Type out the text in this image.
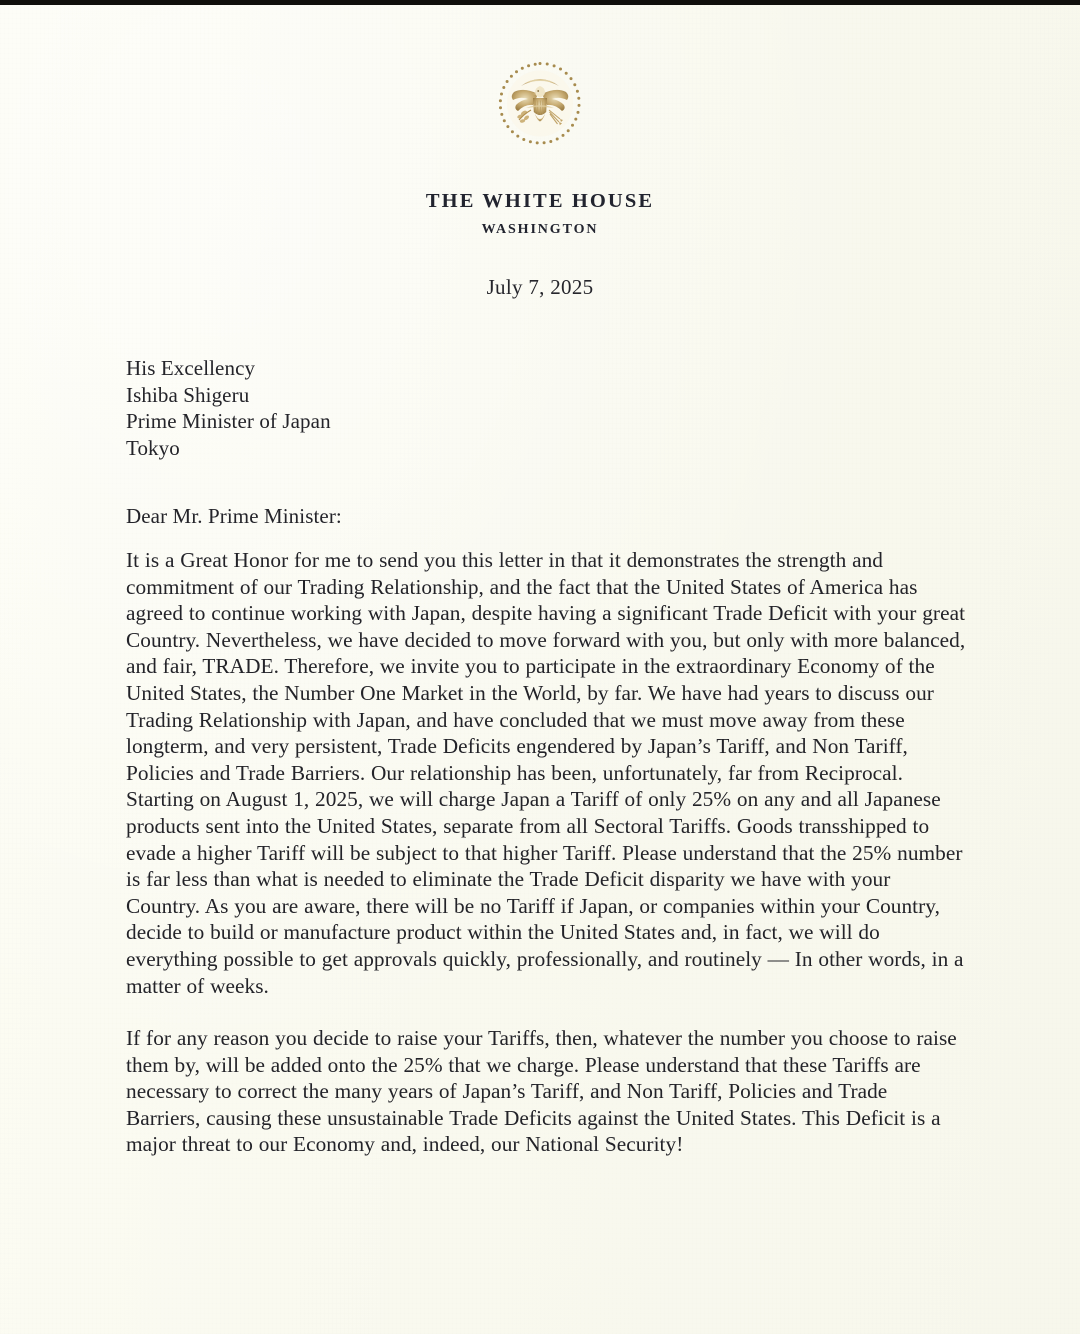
THE WHITE HOUSE
WASHINGTON
July 7, 2025
His Excellency
Ishiba Shigeru
Prime Minister of Japan
Tokyo
Dear Mr. Prime Minister:

It is a Great Honor for me to send you this letter in that it demonstrates the strength and commitment of our Trading Relationship, and the fact that the United States of America has agreed to continue working with Japan, despite having a significant Trade Deficit with your great Country. Nevertheless, we have decided to move forward with you, but only with more balanced, and fair, TRADE. Therefore, we invite you to participate in the extraordinary Economy of the United States, the Number One Market in the World, by far. We have had years to discuss our Trading Relationship with Japan, and have concluded that we must move away from these longterm, and very persistent, Trade Deficits engendered by Japan’s Tariff, and Non Tariff, Policies and Trade Barriers. Our relationship has been, unfortunately, far from Reciprocal. Starting on August 1, 2025, we will charge Japan a Tariff of only 25% on any and all Japanese products sent into the United States, separate from all Sectoral Tariffs. Goods transshipped to evade a higher Tariff will be subject to that higher Tariff. Please understand that the 25% number is far less than what is needed to eliminate the Trade Deficit disparity we have with your Country. As you are aware, there will be no Tariff if Japan, or companies within your Country, decide to build or manufacture product within the United States and, in fact, we will do everything possible to get approvals quickly, professionally, and routinely — In other words, in a matter of weeks.

If for any reason you decide to raise your Tariffs, then, whatever the number you choose to raise them by, will be added onto the 25% that we charge. Please understand that these Tariffs are necessary to correct the many years of Japan’s Tariff, and Non Tariff, Policies and Trade Barriers, causing these unsustainable Trade Deficits against the United States. This Deficit is a major threat to our Economy and, indeed, our National Security!
